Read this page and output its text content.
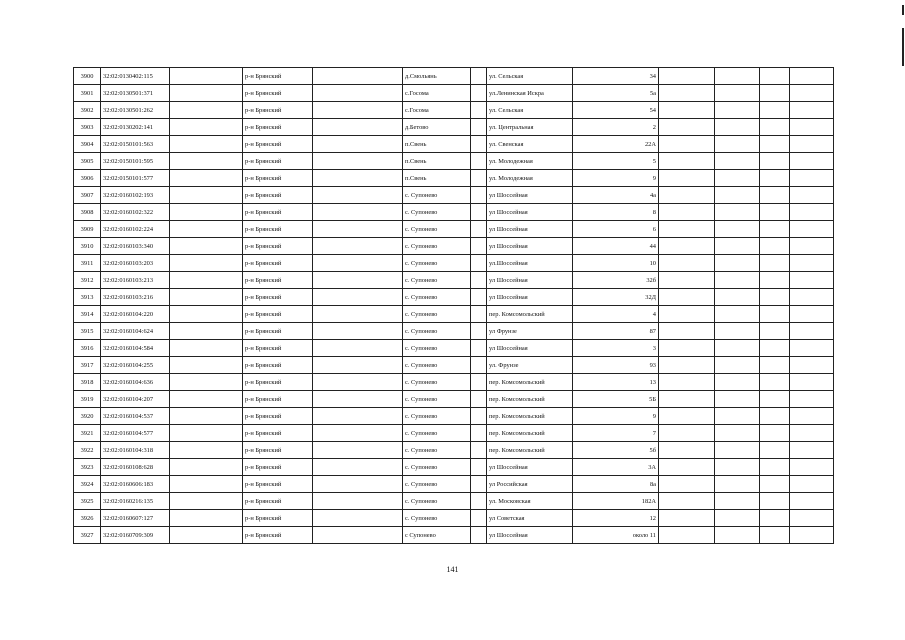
3900	32:02:0130402:115		р-н Брянский		д.Смольянь		ул. Сельская	34				
3901	32:02:0130501:371		р-н Брянский		с.Госома		ул.Ленинская Искра	5а				
3902	32:02:0130501:262		р-н Брянский		с.Госома		ул. Сельская	54				
3903	32:02:0130202:141		р-н Брянский		д.Бетово		ул. Центральная	2				
3904	32:02:0150101:563		р-н Брянский		п.Свень		ул. Свенская	22А				
3905	32:02:0150101:595		р-н Брянский		п.Свень		ул. Молодежная	5				
3906	32:02:0150101:577		р-н Брянский		п.Свень		ул. Молодежная	9				
3907	32:02:0160102:193		р-н Брянский		с. Супонево		ул Шоссейная	4а				
3908	32:02:0160102:322		р-н Брянский		с. Супонево		ул Шоссейная	8				
3909	32:02:0160102:224		р-н Брянский		с. Супонево		ул Шоссейная	6				
3910	32:02:0160103:340		р-н Брянский		с. Супонево		ул Шоссейная	44				
3911	32:02:0160103:203		р-н Брянский		с. Супонево		ул.Шоссейная	10				
3912	32:02:0160103:213		р-н Брянский		с. Супонево		ул Шоссейная	32б				
3913	32:02:0160103:216		р-н Брянский		с. Супонево		ул Шоссейная	32Д				
3914	32:02:0160104:220		р-н Брянский		с. Супонево		пер. Комсомольский	4				
3915	32:02:0160104:624		р-н Брянский		с. Супонево		ул Фрунзе	87				
3916	32:02:0160104:584		р-н Брянский		с. Супонево		ул Шоссейная	3				
3917	32:02:0160104:255		р-н Брянский		с. Супонево		ул. Фрунзе	93				
3918	32:02:0160104:636		р-н Брянский		с. Супонево		пер. Комсомольский	13				
3919	32:02:0160104:207		р-н Брянский		с. Супонево		пер. Комсомольский	5Б				
3920	32:02:0160104:537		р-н Брянский		с. Супонево		пер. Комсомольский	9				
3921	32:02:0160104:577		р-н Брянский		с. Супонево		пер. Комсомольский	7				
3922	32:02:0160104:318		р-н Брянский		с. Супонево		пер. Комсомольский	5б				
3923	32:02:0160108:628		р-н Брянский		с. Супонево		ул Шоссейная	3А				
3924	32:02:0160606:183		р-н Брянский		с. Супонево		ул Российская	8а				
3925	32:02:0160216:135		р-н Брянский		с. Супонево		ул. Московская	182А				
3926	32:02:0160607:127		р-н Брянский		с. Супонево		ул Советская	12				
3927	32:02:0160709:309		р-н Брянский		с Супонево		ул Шоссейная	около 11				
141
